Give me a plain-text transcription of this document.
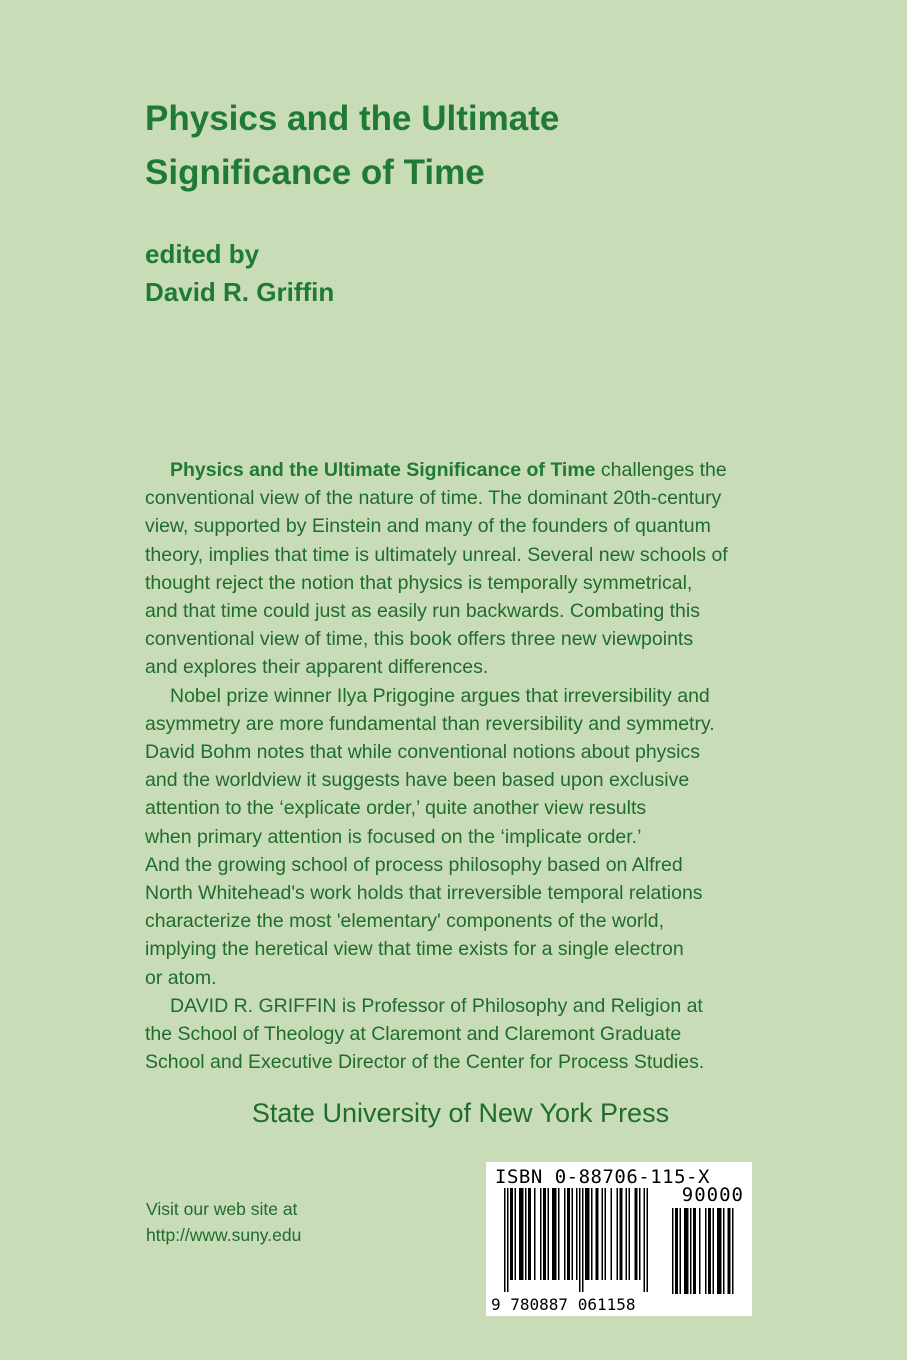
Physics and the Ultimate
Significance of Time
edited by
David R. Griffin
Physics and the Ultimate Significance of Time challenges the
conventional view of the nature of time. The dominant 20th-century
view, supported by Einstein and many of the founders of quantum
theory, implies that time is ultimately unreal. Several new schools of
thought reject the notion that physics is temporally symmetrical,
and that time could just as easily run backwards. Combating this
conventional view of time, this book offers three new viewpoints
and explores their apparent differences.
Nobel prize winner Ilya Prigogine argues that irreversibility and
asymmetry are more fundamental than reversibility and symmetry.
David Bohm notes that while conventional notions about physics
and the worldview it suggests have been based upon exclusive
attention to the ‘explicate order,’ quite another view results
when primary attention is focused on the ‘implicate order.’
And the growing school of process philosophy based on Alfred
North Whitehead's work holds that irreversible temporal relations
characterize the most 'elementary' components of the world,
implying the heretical view that time exists for a single electron
or atom.
DAVID R. GRIFFIN is Professor of Philosophy and Religion at
the School of Theology at Claremont and Claremont Graduate
School and Executive Director of the Center for Process Studies.
State University of New York Press
Visit our web site at
http://www.suny.edu
ISBN 0-88706-115-X
90000
9 780887 061158
